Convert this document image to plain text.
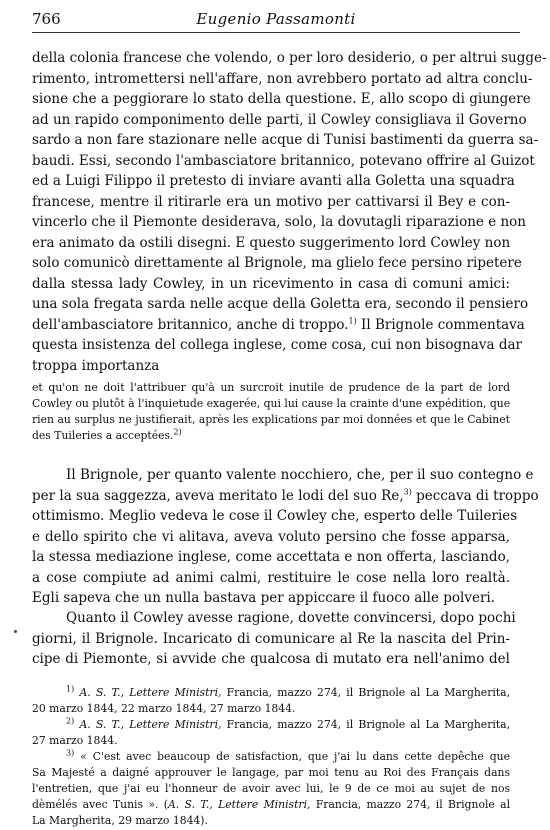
766	Eugenio Passamonti
della colonia francese che volendo, o per loro desiderio, o per altrui sugge-
rimento, intromettersi nell'affare, non avrebbero portato ad altra conclu-
sione che a peggiorare lo stato della questione. E, allo scopo di giungere
ad un rapido componimento delle parti, il Cowley consigliava il Governo
sardo a non fare stazionare nelle acque di Tunisi bastimenti da guerra sa-
baudi. Essi, secondo l'ambasciatore britannico, potevano offrire al Guizot
ed a Luigi Filippo il pretesto di inviare avanti alla Goletta una squadra
francese, mentre il ritirarle era un motivo per cattivarsi il Bey e con-
vincerlo che il Piemonte desiderava, solo, la dovutagli riparazione e non
era animato da ostili disegni. E questo suggerimento lord Cowley non
solo comunicò direttamente al Brignole, ma glielo fece persino ripetere
dalla stessa lady Cowley, in un ricevimento in casa di comuni amici:
una sola fregata sarda nelle acque della Goletta era, secondo il pensiero
dell'ambasciatore britannico, anche di troppo.$^{1)}$ Il Brignole commentava
questa insistenza del collega inglese, come cosa, cui non bisognava dar
troppa importanza
et qu'on ne doit l'attribuer qu'à un surcroit inutile de prudence de la part de lord
Cowley ou plutôt à l'inquietude exagerée, qui lui cause la crainte d'une expédition, que
rien au surplus ne justifierait, après les explications par moi données et que le Cabinet
des Tuileries a acceptées.$^{2)}$
Il Brignole, per quanto valente nocchiero, che, per il suo contegno e
per la sua saggezza, aveva meritato le lodi del suo Re,$^{3)}$ peccava di troppo
ottimismo. Meglio vedeva le cose il Cowley che, esperto delle Tuileries
e dello spirito che vi alitava, aveva voluto persino che fosse apparsa,
la stessa mediazione inglese, come accettata e non offerta, lasciando,
a cose compiute ad animi calmi, restituire le cose nella loro realtà.
Egli sapeva che un nulla bastava per appiccare il fuoco alle polveri.
Quanto il Cowley avesse ragione, dovette convincersi, dopo pochi
giorni, il Brignole. Incaricato di comunicare al Re la nascita del Prin-
cipe di Piemonte, si avvide che qualcosa di mutato era nell'animo del
$^{1)}$ A. S. T., Lettere Ministri, Francia, mazzo 274, il Brignole al La Margherita,
20 marzo 1844, 22 marzo 1844, 27 marzo 1844.
$^{2)}$ A. S. T., Lettere Ministri, Francia, mazzo 274, il Brignole al La Margherita,
27 marzo 1844.
$^{3)}$ « C'est avec beaucoup de satisfaction, que j'ai lu dans cette depêche que
Sa Majesté a daigné approuver le langage, par moi tenu au Roi des Français dans
l'entretien, que j'ai eu l'honneur de avoir avec lui, le 9 de ce moi au sujet de nos
dèmélés avec Tunis ». (A. S. T., Lettere Ministri, Francia, mazzo 274, il Brignole al
La Margherita, 29 marzo 1844).
